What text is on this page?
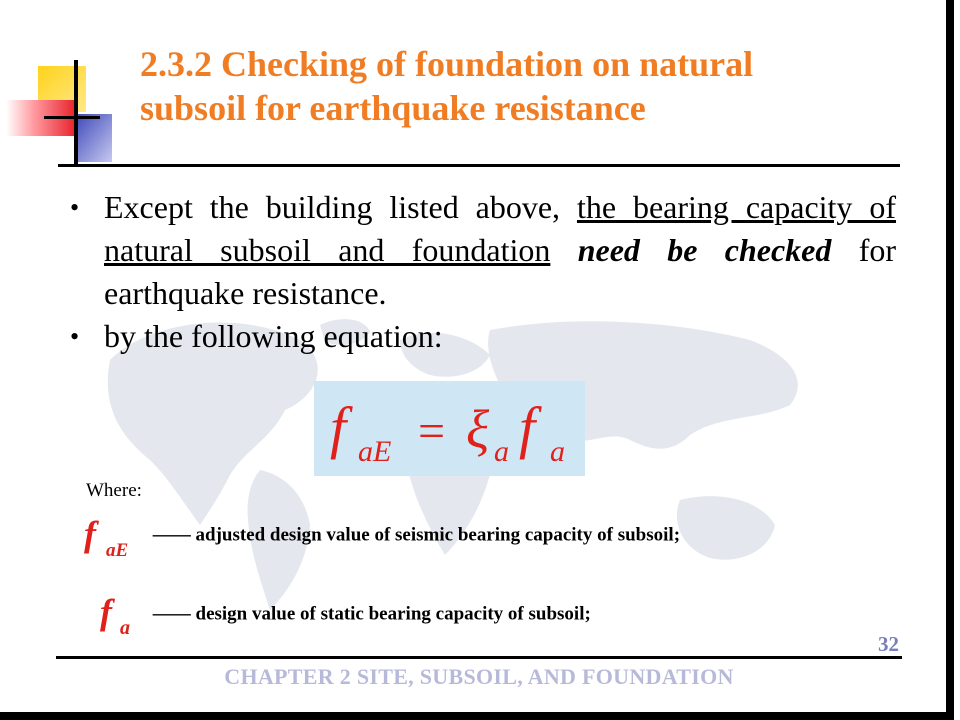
2.3.2 Checking of foundation on natural
subsoil for earthquake resistance
• Except the building listed above, the bearing capacity of natural subsoil and foundation need be checked for earthquake resistance.
• by the following equation:
f aE = ξ a f a
Where:
f aE
—— adjusted design value of seismic bearing capacity of subsoil;
f a
—— design value of static bearing capacity of subsoil;
32
CHAPTER 2 SITE, SUBSOIL, AND FOUNDATION
